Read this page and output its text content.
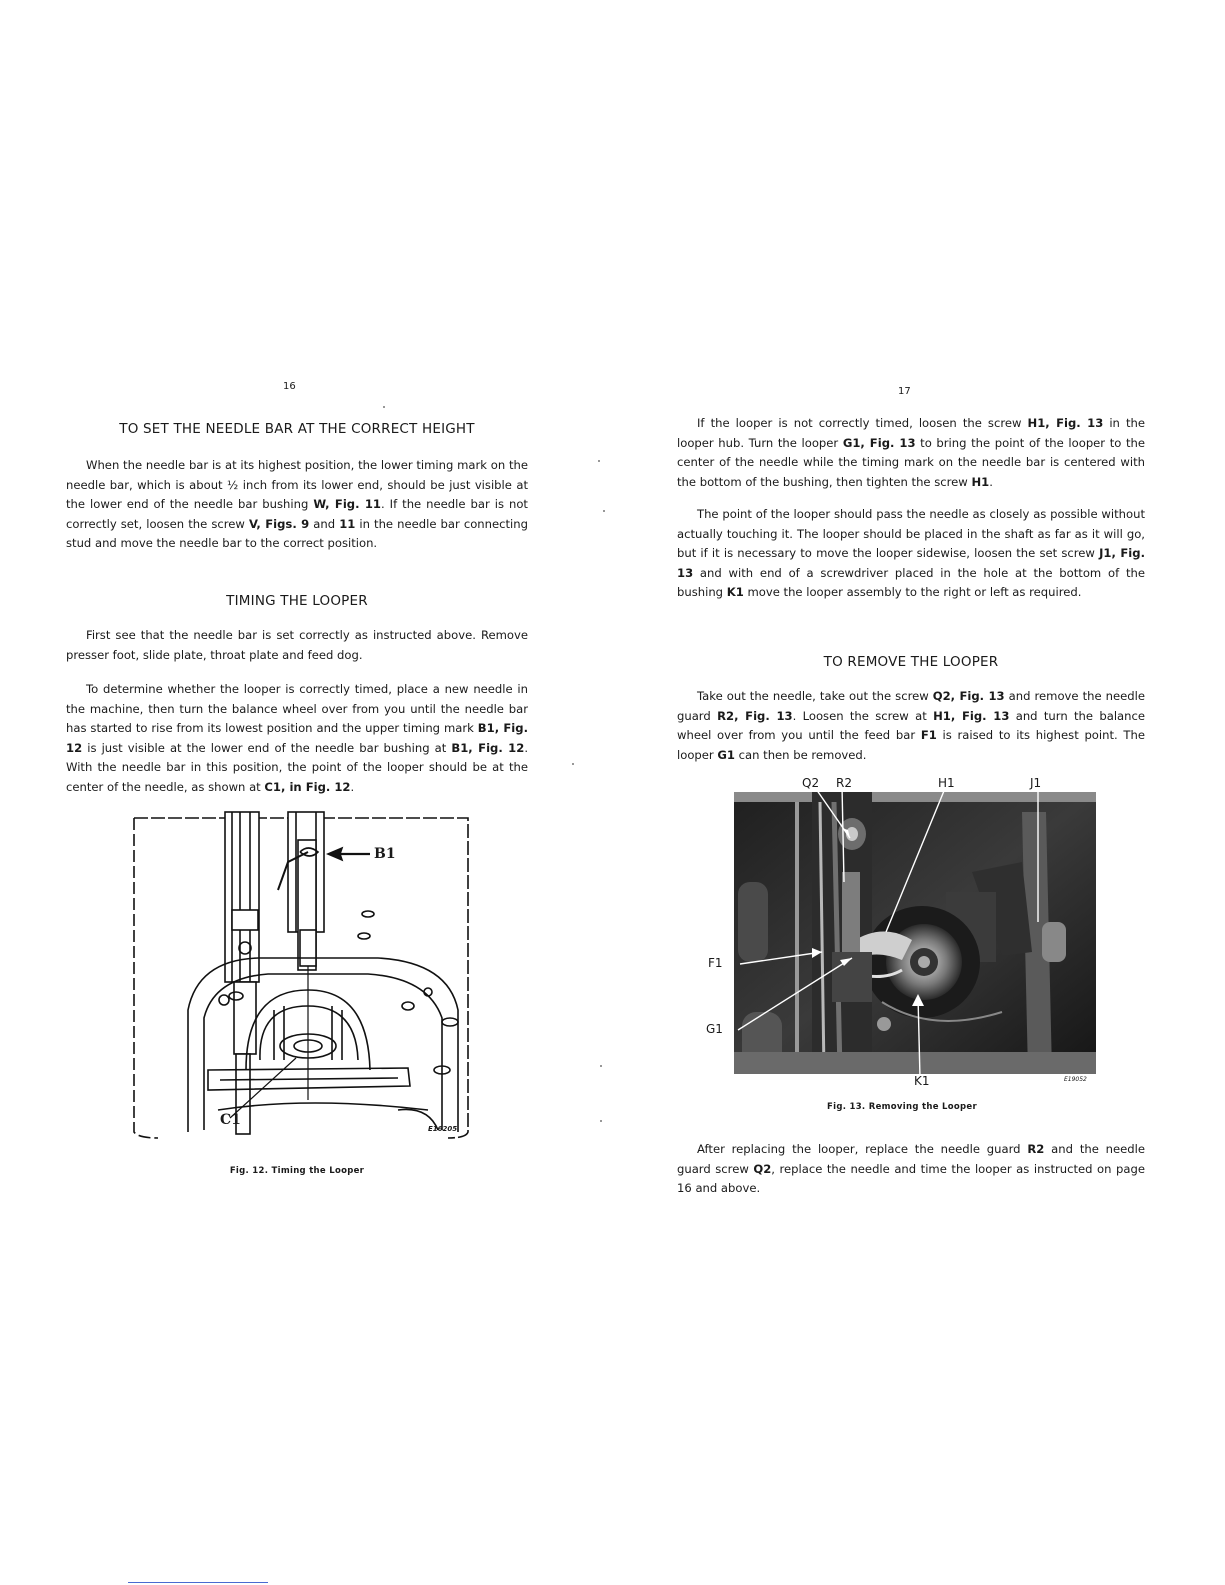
16
TO SET THE NEEDLE BAR AT THE CORRECT HEIGHT

When the needle bar is at its highest position, the lower timing mark on the needle bar, which is about ½ inch from its lower end, should be just visible at the lower end of the needle bar bushing W, Fig. 11. If the needle bar is not correctly set, loosen the screw V, Figs. 9 and 11 in the needle bar connecting stud and move the needle bar to the correct position.

TIMING THE LOOPER

First see that the needle bar is set correctly as instructed above. Remove presser foot, slide plate, throat plate and feed dog.

To determine whether the looper is correctly timed, place a new needle in the machine, then turn the balance wheel over from you until the needle bar has started to rise from its lowest position and the upper timing mark B1, Fig. 12 is just visible at the lower end of the needle bar bushing at B1, Fig. 12. With the needle bar in this position, the point of the looper should be at the center of the needle, as shown at C1, in Fig. 12.

B1
C1
E16205
Fig. 12. Timing the Looper
17

If the looper is not correctly timed, loosen the screw H1, Fig. 13 in the looper hub. Turn the looper G1, Fig. 13 to bring the point of the looper to the center of the needle while the timing mark on the needle bar is centered with the bottom of the bushing, then tighten the screw H1.

The point of the looper should pass the needle as closely as possible without actually touching it. The looper should be placed in the shaft as far as it will go, but if it is necessary to move the looper sidewise, loosen the set screw J1, Fig. 13 and with end of a screwdriver placed in the hole at the bottom of the bushing K1 move the looper assembly to the right or left as required.

TO REMOVE THE LOOPER

Take out the needle, take out the screw Q2, Fig. 13 and remove the needle guard R2, Fig. 13. Loosen the screw at H1, Fig. 13 and turn the balance wheel over from you until the feed bar F1 is raised to its highest point. The looper G1 can then be removed.

Q2 R2	H1	J1
F1
G1
K1	E19052
Fig. 13. Removing the Looper

After replacing the looper, replace the needle guard R2 and the needle guard screw Q2, replace the needle and time the looper as instructed on page 16 and above.
